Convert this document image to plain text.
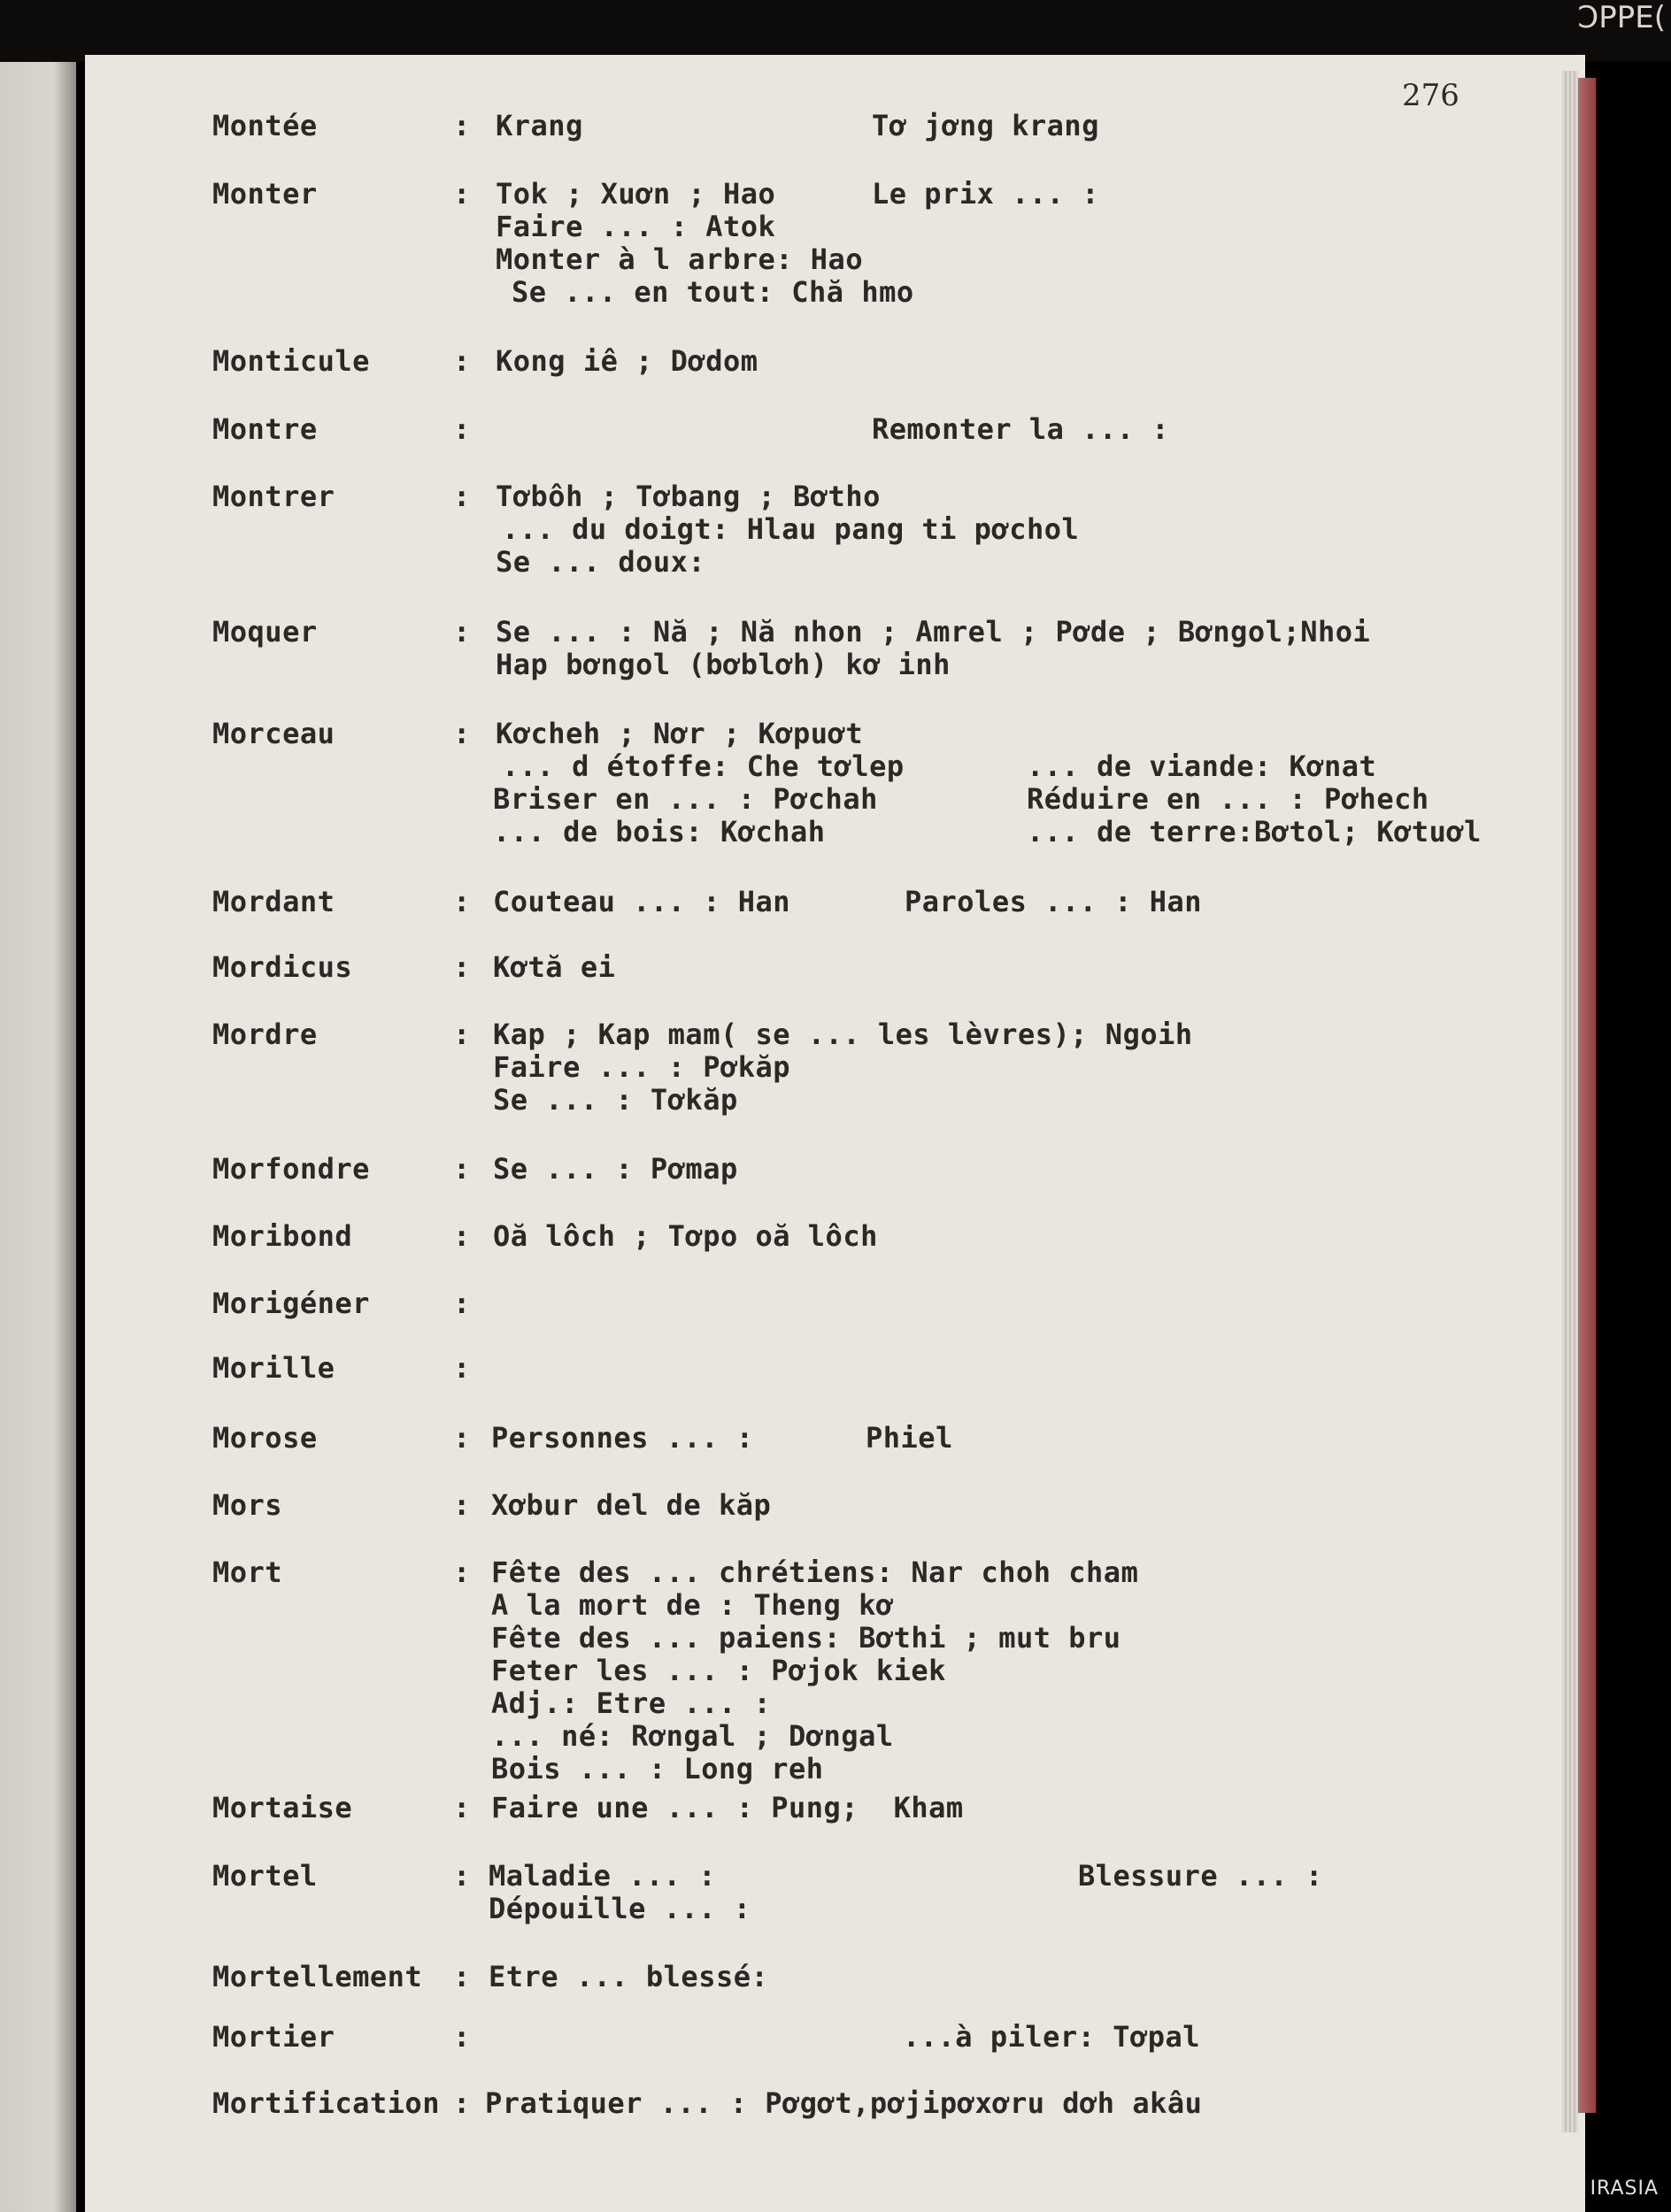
ƆPPE(
276
Montée	: Krang	Tơ jơng krang
Monter	: Tok ; Xuơn ; Hao	Le prix ... :
Faire ... : Atok
Monter à l arbre: Hao
Se ... en tout: Chă hmo
Monticule	: Kong iê ; Dơdom
Montre	:	Remonter la ... :
Montrer	: Tơbôh ; Tơbang ; Bơtho
... du doigt: Hlau pang ti pơchol
Se ... doux:
Moquer	: Se ... : Nă ; Nă nhon ; Amrel ; Pơde ; Bơngol;Nhoi
Hap bơngol (bơblơh) kơ inh
Morceau	: Kơcheh ; Nơr ; Kơpuơt
... d étoffe: Che tơlep	... de viande: Kơnat
Briser en ... : Pơchah	Réduire en ... : Pơhech
... de bois: Kơchah	... de terre:Bơtol; Kơtuơl
Mordant	: Couteau ... : Han	Paroles ... : Han
Mordicus	: Kơtă ei
Mordre	: Kap ; Kap mam( se ... les lèvres); Ngoih
Faire ... : Pơkăp
Se ... : Tơkăp
Morfondre	: Se ... : Pơmap
Moribond	: Oă lôch ; Tơpo oă lôch
Morigéner	:
Morille	:
Morose	: Personnes ... :	Phiel
Mors	: Xơbur del de kăp
Mort	: Fête des ... chrétiens: Nar choh cham
A la mort de : Theng kơ
Fête des ... paiens: Bơthi ; mut bru
Feter les ... : Pơjok kiek
Adj.: Etre ... :
... né: Rơngal ; Dơngal
Bois ... : Long reh
Mortaise	: Faire une ... : Pung;  Kham
Mortel	: Maladie ... :	Blessure ... :
Dépouille ... :
Mortellement : Etre ... blessé:
Mortier	:	...à piler: Tơpal
Mortification : Pratiquer ... : Pơgơt,pơjipơxơru dơh akâu
IRASIA
